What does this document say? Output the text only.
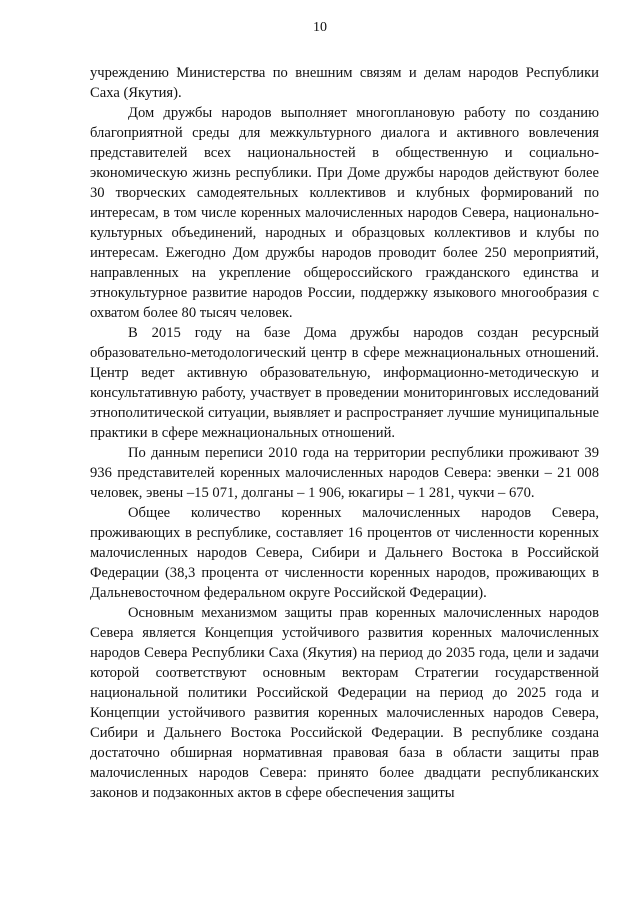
10

учреждению Министерства по внешним связям и делам народов Республики Саха (Якутия).

Дом дружбы народов выполняет многоплановую работу по созданию благоприятной среды для межкультурного диалога и активного вовлечения представителей всех национальностей в общественную и социально-экономическую жизнь республики. При Доме дружбы народов действуют более 30 творческих самодеятельных коллективов и клубных формирований по интересам, в том числе коренных малочисленных народов Севера, национально-культурных объединений, народных и образцовых коллективов и клубы по интересам. Ежегодно Дом дружбы народов проводит более 250 мероприятий, направленных на укрепление общероссийского гражданского единства и этнокультурное развитие народов России, поддержку языкового многообразия с охватом более 80 тысяч человек.

В 2015 году на базе Дома дружбы народов создан ресурсный образовательно-методологический центр в сфере межнациональных отношений. Центр ведет активную образовательную, информационно-методическую и консультативную работу, участвует в проведении мониторинговых исследований этнополитической ситуации, выявляет и распространяет лучшие муниципальные практики в сфере межнациональных отношений.

По данным переписи 2010 года на территории республики проживают 39 936 представителей коренных малочисленных народов Севера: эвенки – 21 008 человек, эвены –15 071, долганы – 1 906, юкагиры – 1 281, чукчи – 670.

Общее количество коренных малочисленных народов Севера, проживающих в республике, составляет 16 процентов от численности коренных малочисленных народов Севера, Сибири и Дальнего Востока в Российской Федерации (38,3 процента от численности коренных народов, проживающих в Дальневосточном федеральном округе Российской Федерации).

Основным механизмом защиты прав коренных малочисленных народов Севера является Концепция устойчивого развития коренных малочисленных народов Севера Республики Саха (Якутия) на период до 2035 года, цели и задачи которой соответствуют основным векторам Стратегии государственной национальной политики Российской Федерации на период до 2025 года и Концепции устойчивого развития коренных малочисленных народов Севера, Сибири и Дальнего Востока Российской Федерации. В республике создана достаточно обширная нормативная правовая база в области защиты прав малочисленных народов Севера: принято более двадцати республиканских законов и подзаконных актов в сфере обеспечения защиты
